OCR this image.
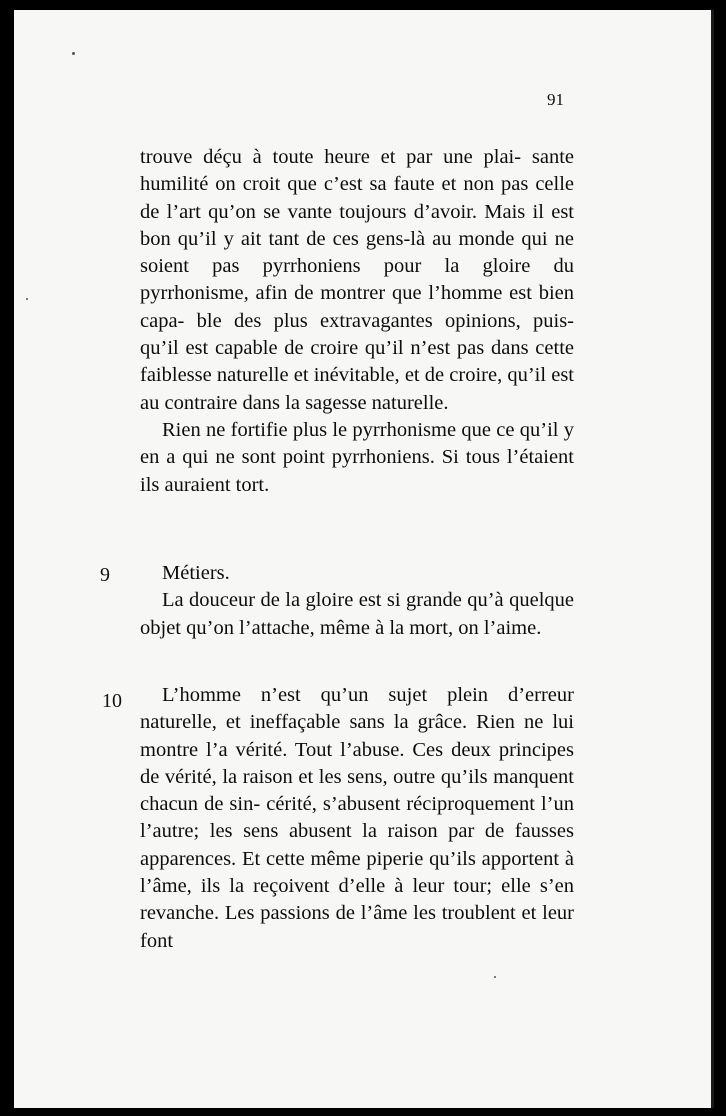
91

trouve déçu à toute heure et par une plai- sante humilité on croit que c’est sa faute et non pas celle de l’art qu’on se vante toujours d’avoir. Mais il est bon qu’il y ait tant de ces gens-là au monde qui ne soient pas pyrrhoniens pour la gloire du pyrrhonisme, afin de montrer que l’homme est bien capa- ble des plus extravagantes opinions, puis- qu’il est capable de croire qu’il n’est pas dans cette faiblesse naturelle et inévitable, et de croire, qu’il est au contraire dans la sagesse naturelle.

Rien ne fortifie plus le pyrrhonisme que ce qu’il y en a qui ne sont point pyrrhoniens. Si tous l’étaient ils auraient tort.

9	Métiers.

La douceur de la gloire est si grande qu’à quelque objet qu’on l’attache, même à la mort, on l’aime.

10	L’homme n’est qu’un sujet plein d’erreur naturelle, et ineffaçable sans la grâce. Rien ne lui montre l’a vérité. Tout l’abuse. Ces deux principes de vérité, la raison et les sens, outre qu’ils manquent chacun de sin- cérité, s’abusent réciproquement l’un l’autre; les sens abusent la raison par de fausses apparences. Et cette même piperie qu’ils apportent à l’âme, ils la reçoivent d’elle à leur tour; elle s’en revanche. Les passions de l’âme les troublent et leur font
